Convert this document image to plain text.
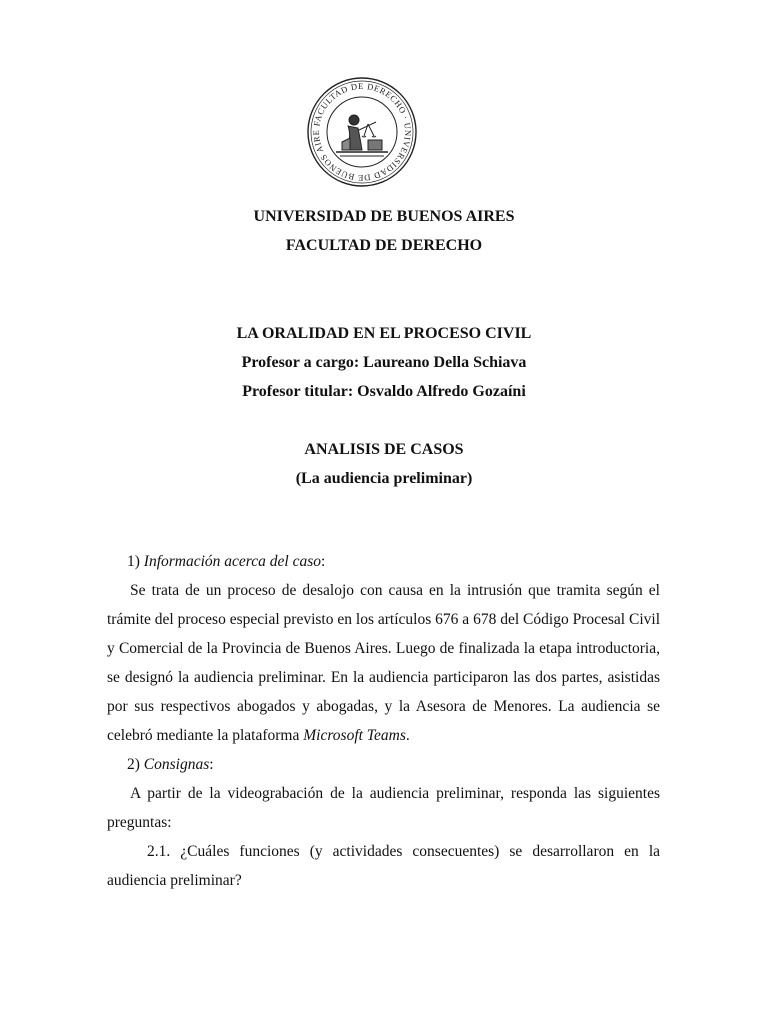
FACULTAD DE DERECHO · UNIVERSIDAD DE BUENOS AIRE
UNIVERSIDAD DE BUENOS AIRES
FACULTAD DE DERECHO
LA ORALIDAD EN EL PROCESO CIVIL
Profesor a cargo: Laureano Della Schiava
Profesor titular: Osvaldo Alfredo Gozaíni
ANALISIS DE CASOS
(La audiencia preliminar)
1) Información acerca del caso:
Se trata de un proceso de desalojo con causa en la intrusión que tramita según el trámite del proceso especial previsto en los artículos 676 a 678 del Código Procesal Civil y Comercial de la Provincia de Buenos Aires. Luego de finalizada la etapa introductoria, se designó la audiencia preliminar. En la audiencia participaron las dos partes, asistidas por sus respectivos abogados y abogadas, y la Asesora de Menores. La audiencia se celebró mediante la plataforma Microsoft Teams.
2) Consignas:
A partir de la videograbación de la audiencia preliminar, responda las siguientes preguntas:
2.1. ¿Cuáles funciones (y actividades consecuentes) se desarrollaron en la audiencia preliminar?
